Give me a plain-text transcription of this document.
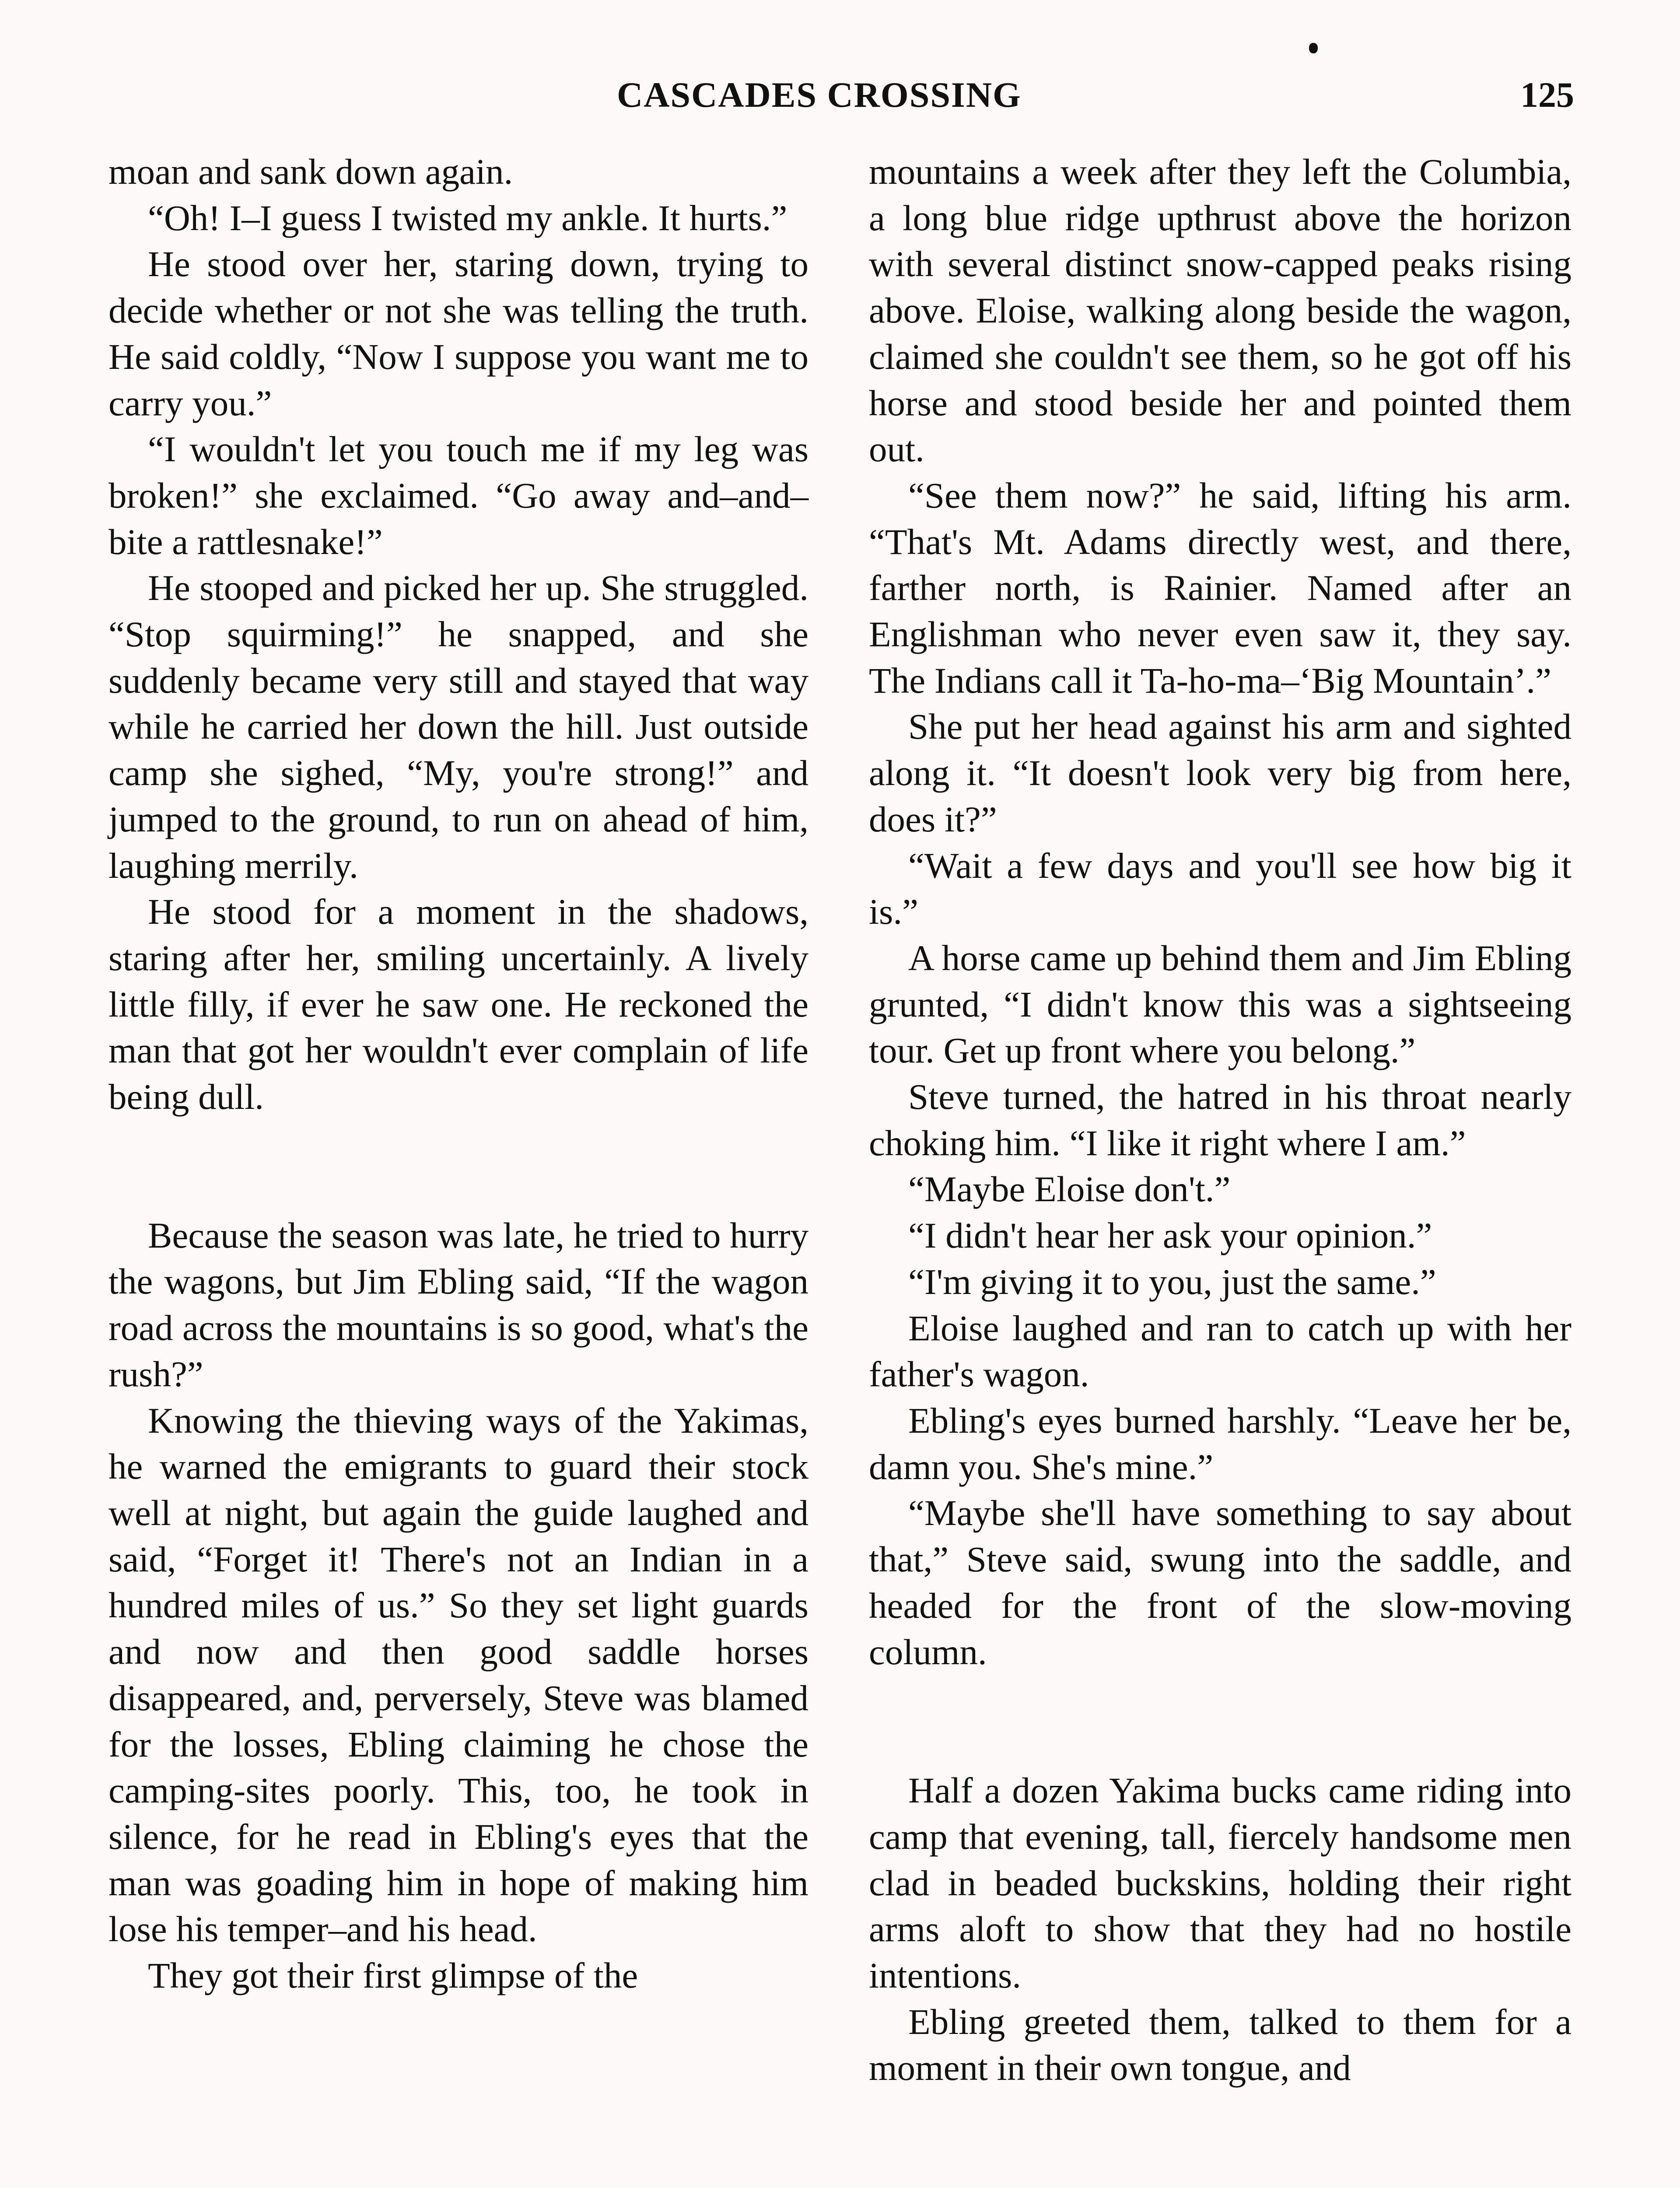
CASCADES CROSSING	125

moan and sank down again.

“Oh! I–I guess I twisted my ankle. It hurts.”

He stood over her, staring down, trying to decide whether or not she was telling the truth. He said coldly, “Now I suppose you want me to carry you.”

“I wouldn't let you touch me if my leg was broken!” she exclaimed. “Go away and–and–bite a rattlesnake!”

He stooped and picked her up. She struggled. “Stop squirming!” he snapped, and she suddenly became very still and stayed that way while he carried her down the hill. Just outside camp she sighed, “My, you're strong!” and jumped to the ground, to run on ahead of him, laughing merrily.

He stood for a moment in the shadows, staring after her, smiling uncertainly. A lively little filly, if ever he saw one. He reckoned the man that got her wouldn't ever complain of life being dull.

Because the season was late, he tried to hurry the wagons, but Jim Ebling said, “If the wagon road across the mountains is so good, what's the rush?”

Knowing the thieving ways of the Yakimas, he warned the emigrants to guard their stock well at night, but again the guide laughed and said, “Forget it! There's not an Indian in a hundred miles of us.” So they set light guards and now and then good saddle horses disappeared, and, perversely, Steve was blamed for the losses, Ebling claiming he chose the camping-sites poorly. This, too, he took in silence, for he read in Ebling's eyes that the man was goading him in hope of making him lose his temper–and his head.

They got their first glimpse of the

mountains a week after they left the Columbia, a long blue ridge upthrust above the horizon with several distinct snow-capped peaks rising above. Eloise, walking along beside the wagon, claimed she couldn't see them, so he got off his horse and stood beside her and pointed them out.

“See them now?” he said, lifting his arm. “That's Mt. Adams directly west, and there, farther north, is Rainier. Named after an Englishman who never even saw it, they say. The Indians call it Ta-ho-ma–‘Big Mountain’.”

She put her head against his arm and sighted along it. “It doesn't look very big from here, does it?”

“Wait a few days and you'll see how big it is.”

A horse came up behind them and Jim Ebling grunted, “I didn't know this was a sightseeing tour. Get up front where you belong.”

Steve turned, the hatred in his throat nearly choking him. “I like it right where I am.”

“Maybe Eloise don't.”

“I didn't hear her ask your opinion.”

“I'm giving it to you, just the same.”

Eloise laughed and ran to catch up with her father's wagon.

Ebling's eyes burned harshly. “Leave her be, damn you. She's mine.”

“Maybe she'll have something to say about that,” Steve said, swung into the saddle, and headed for the front of the slow-moving column.

Half a dozen Yakima bucks came riding into camp that evening, tall, fiercely handsome men clad in beaded buckskins, holding their right arms aloft to show that they had no hostile intentions.

Ebling greeted them, talked to them for a moment in their own tongue, and
